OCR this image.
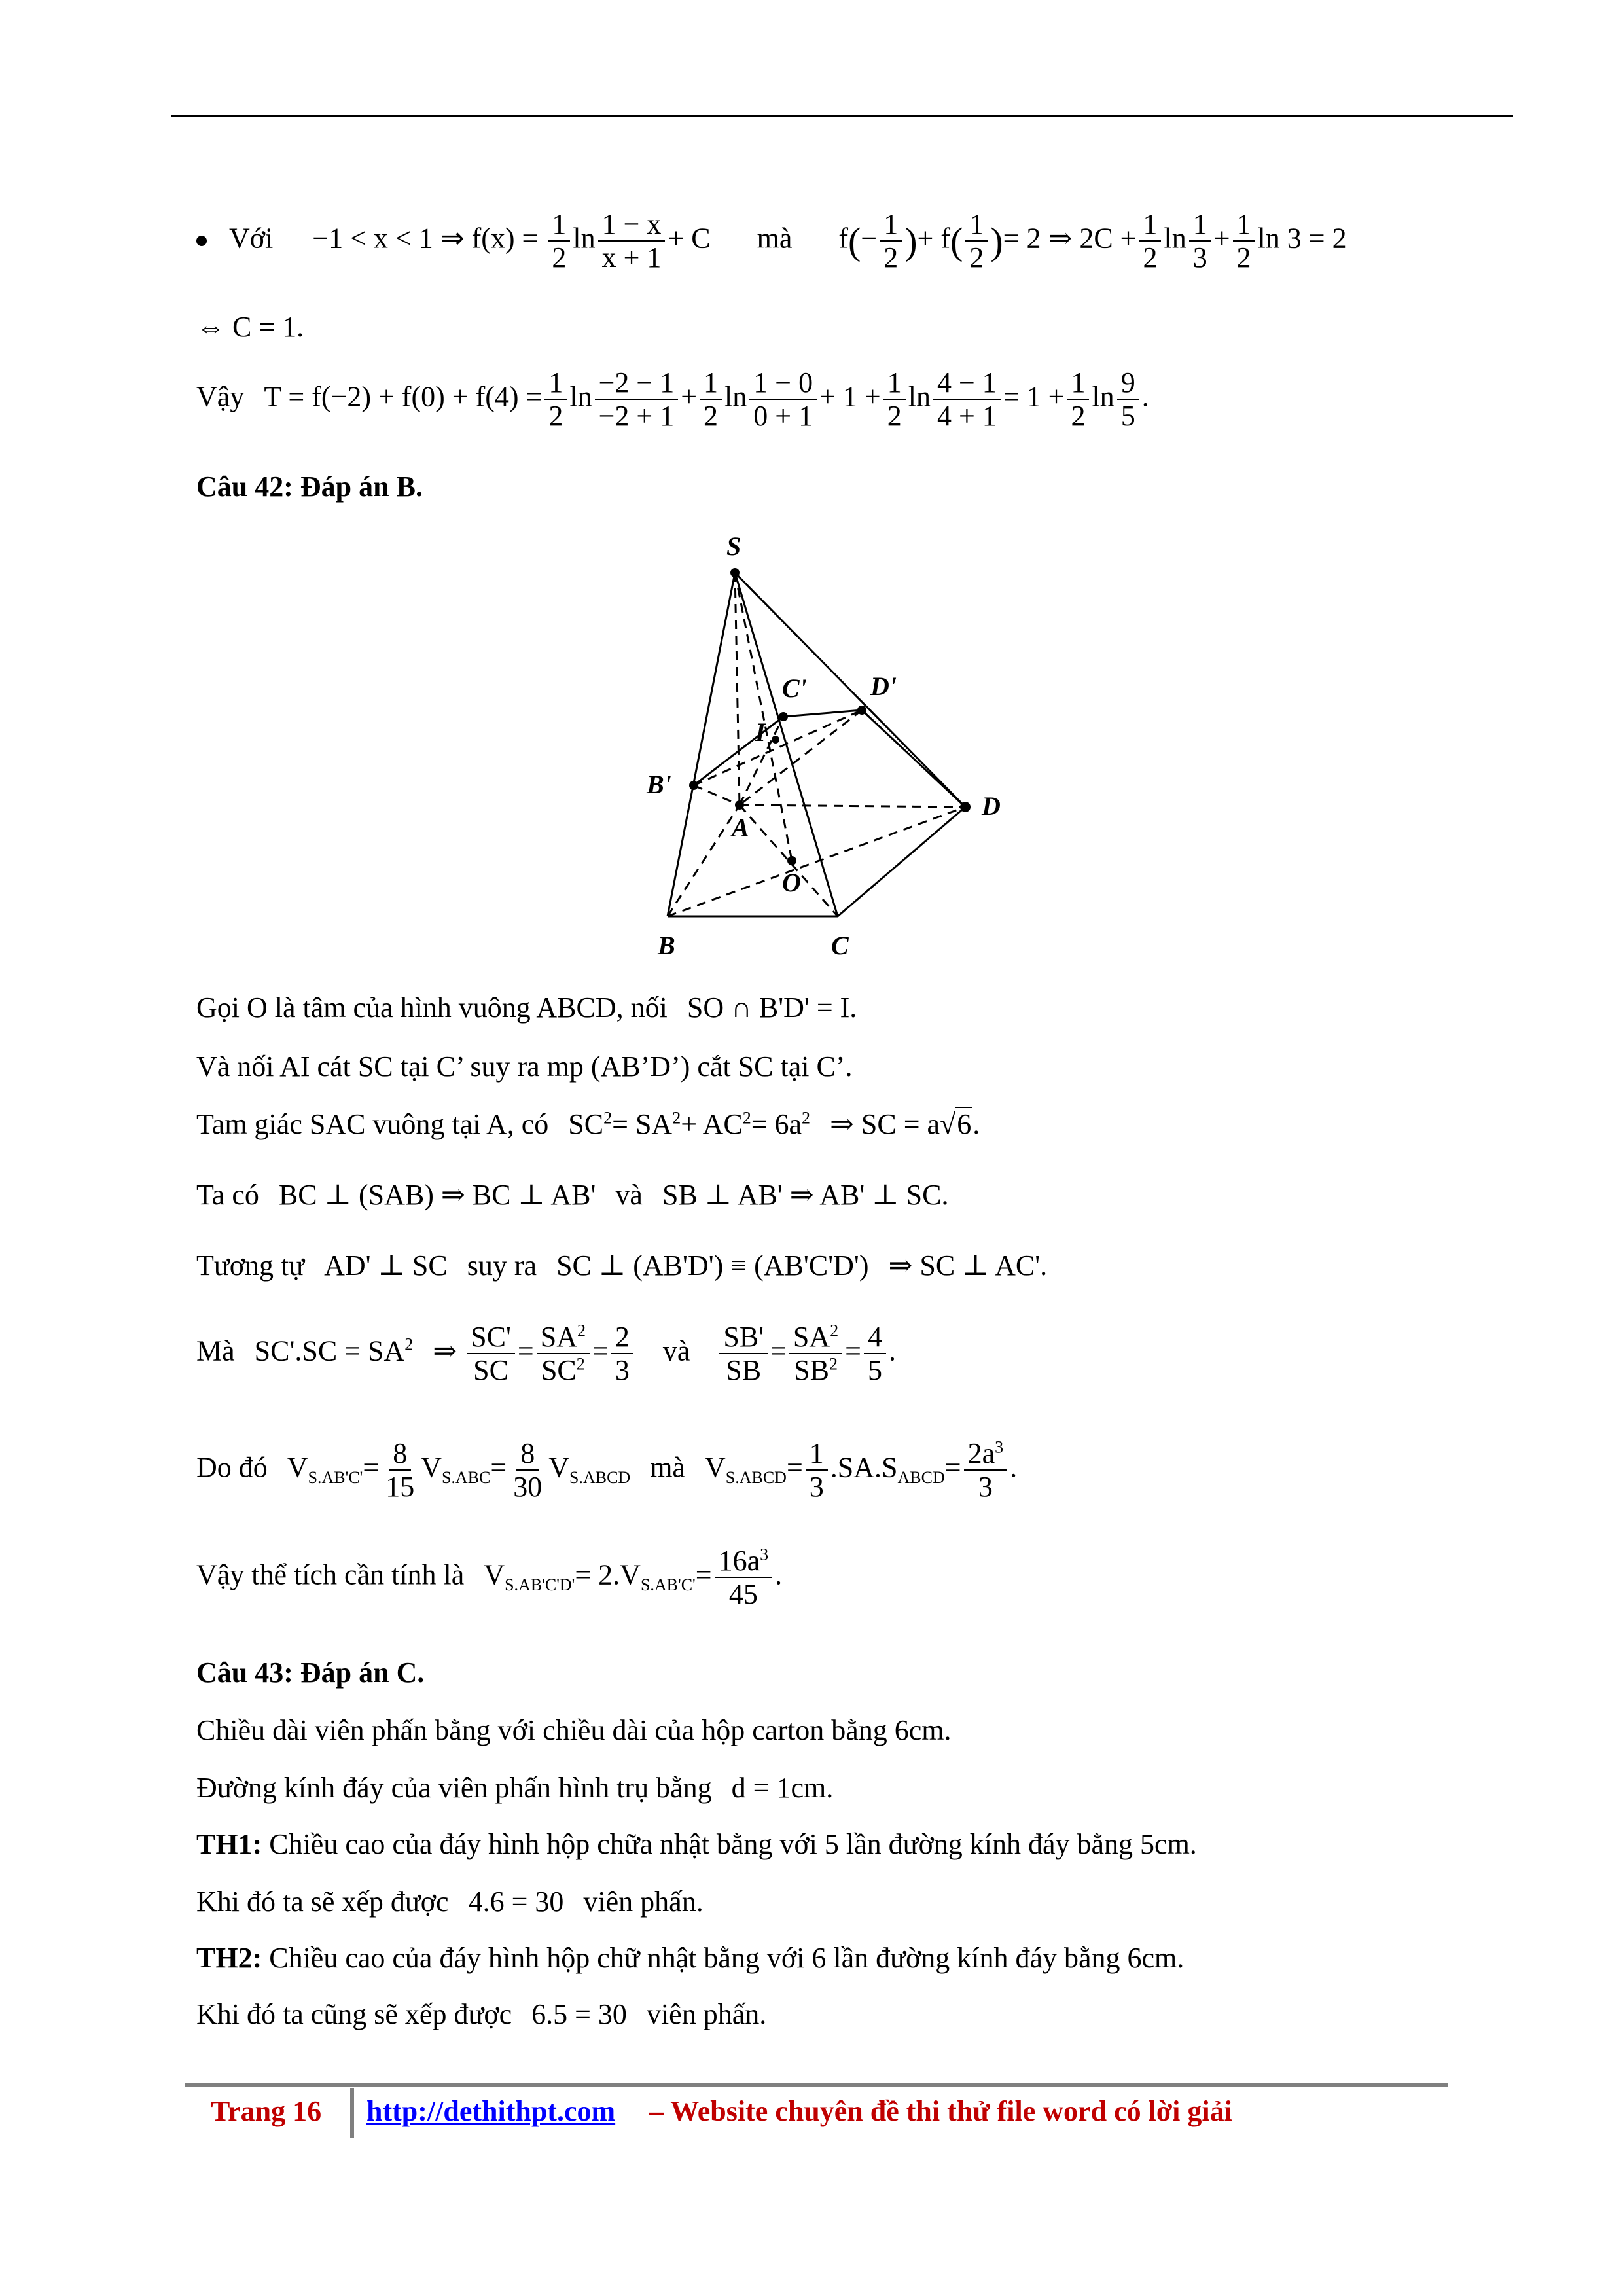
Với −1 < x < 1 ⇒ $f(x) = \frac{1}{2}$ $\ln \frac{1 - x}{x + 1} + C$ mà $f(- \frac{1}{2}$ )+ $f( \frac{1}{2}$ )= 2 ⇒ $2C + \frac{1}{2}$ $\ln \frac{1}{3} + \frac{1}{2}$ ln 3 = 2
⇔ C = 1.
Vậy $T = f(-2) + f(0) + f(4) = \frac{1}{2}$ $\ln \frac{-2 - 1}{-2 + 1} + \frac{1}{2}$ $\ln \frac{1 - 0}{0 + 1} + 1 + \frac{1}{2}$ $\ln \frac{4 - 1}{4 + 1} = 1 + \frac{1}{2}$ $\ln \frac{9}{5}$ .
Câu 42: Đáp án B.
S
A
B	C
D
O
I
B'
C' D'
Gọi O là tâm của hình vuông ABCD, nối SO ∩ B'D' = I.
Và nối AI cát SC tại C’ suy ra mp (AB’D’) cắt SC tại C’.
Tam giác SAC vuông tại A, có $SC^2= SA^2+ AC^2= 6a^2$ ⇒ SC = a√6.
Ta có BC ⊥ (SAB) ⇒ BC ⊥ AB' và SB ⊥ AB' ⇒ AB' ⊥ SC.
Tương tự AD' ⊥ SC suy ra SC ⊥ (AB'D') ≡ (AB'C'D') ⇒ SC ⊥ AC'.
Mà $SC'.SC = SA^2$ ⇒ $\frac{SC'}{SC} = \frac{SA^2}{SC^2} = \frac{2}{3}$ và $\frac{SB'}{SB} = \frac{SA^2}{SB^2} = \frac{4}{5}$ .
Do đó $V_{S.AB'C'}= \frac{8}{15} V_{S.ABC}= \frac{8}{30} V_{S.ABCD}$ mà $V_{S.ABCD}= \frac{1}{3} .SA.S_{ABCD}= \frac{2a^3}{3}$ .
Vậy thể tích cần tính là $V_{S.AB'C'D'}= 2.V_{S.AB'C'}= \frac{16a^3}{45}$ .
Câu 43: Đáp án C.
Chiều dài viên phấn bằng với chiều dài của hộp carton bằng 6cm.
Đường kính đáy của viên phấn hình trụ bằng d = 1cm.
TH1: Chiều cao của đáy hình hộp chữa nhật bằng với 5 lần đường kính đáy bằng 5cm.
Khi đó ta sẽ xếp được 4.6 = 30 viên phấn.
TH2: Chiều cao của đáy hình hộp chữ nhật bằng với 6 lần đường kính đáy bằng 6cm.
Khi đó ta cũng sẽ xếp được 6.5 = 30 viên phấn.
Trang 16 http://dethithpt.com – Website chuyên đề thi thử file word có lời giải
